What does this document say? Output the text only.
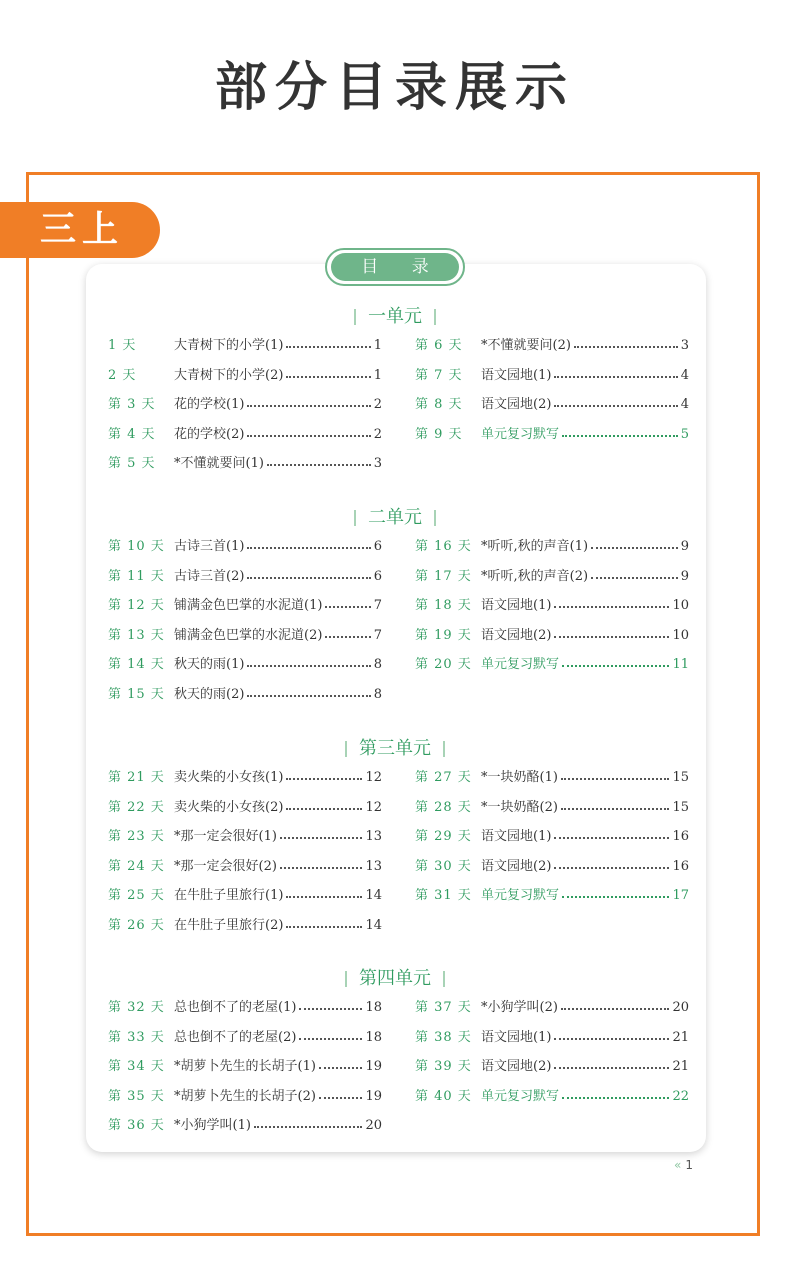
部分目录展示
三上
目 录
一单元
1 天	大青树下的小学(1)	1
2 天	大青树下的小学(2)	1
第 3 天	花的学校(1)	2
第 4 天	花的学校(2)	2
第 5 天	*不懂就要问(1)	3
第 6 天	*不懂就要问(2)	3
第 7 天	语文园地(1)	4
第 8 天	语文园地(2)	4
第 9 天	单元复习默写	5
二单元
第 10 天 古诗三首(1)	6
第 11 天 古诗三首(2)	6
第 12 天 铺满金色巴掌的水泥道(1)	7
第 13 天 铺满金色巴掌的水泥道(2)	7
第 14 天 秋天的雨(1)	8
第 15 天 秋天的雨(2)	8
第 16 天 *听听,秋的声音(1)	9
第 17 天 *听听,秋的声音(2)	9
第 18 天 语文园地(1)	10
第 19 天 语文园地(2)	10
第 20 天 单元复习默写	11
第三单元
第 21 天 卖火柴的小女孩(1)	12
第 22 天 卖火柴的小女孩(2)	12
第 23 天 *那一定会很好(1)	13
第 24 天 *那一定会很好(2)	13
第 25 天 在牛肚子里旅行(1)	14
第 26 天 在牛肚子里旅行(2)	14
第 27 天 *一块奶酪(1)	15
第 28 天 *一块奶酪(2)	15
第 29 天 语文园地(1)	16
第 30 天 语文园地(2)	16
第 31 天 单元复习默写	17
第四单元
第 32 天 总也倒不了的老屋(1)	18
第 33 天 总也倒不了的老屋(2)	18
第 34 天 *胡萝卜先生的长胡子(1)	19
第 35 天 *胡萝卜先生的长胡子(2)	19
第 36 天 *小狗学叫(1)	20
第 37 天 *小狗学叫(2)	20
第 38 天 语文园地(1)	21
第 39 天 语文园地(2)	21
第 40 天 单元复习默写	22
« 1
